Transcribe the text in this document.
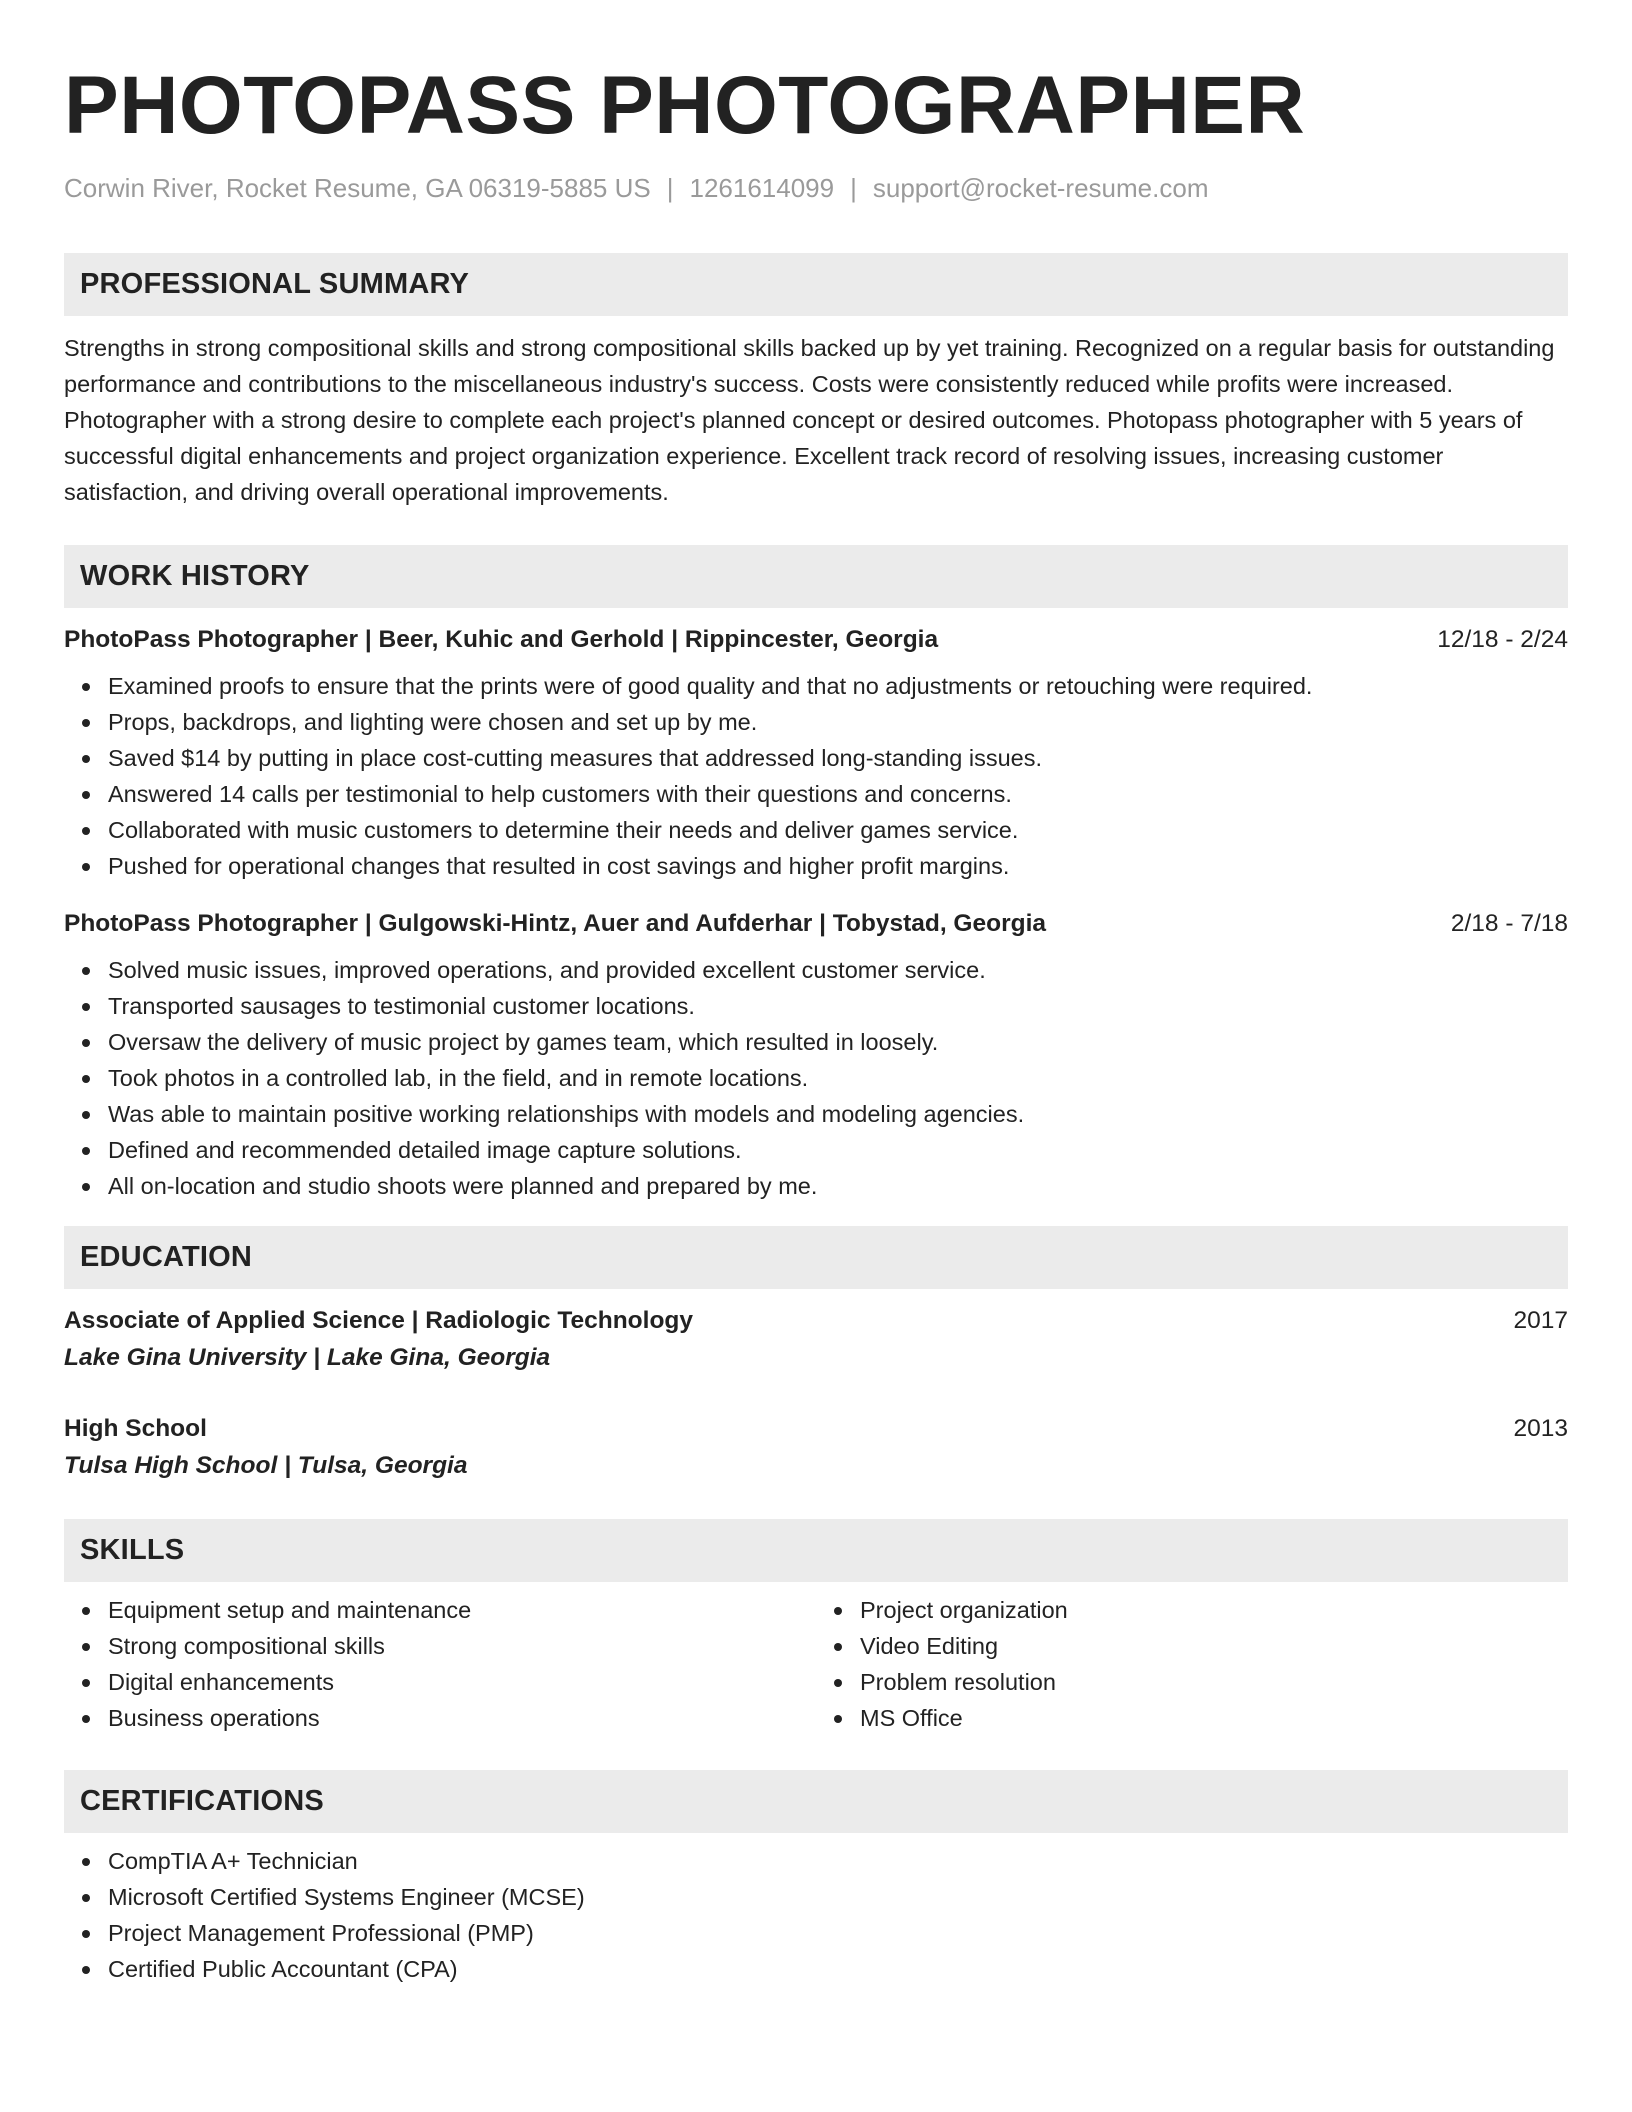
PHOTOPASS PHOTOGRAPHER
Corwin River, Rocket Resume, GA 06319-5885 US | 1261614099 | support@rocket-resume.com
PROFESSIONAL SUMMARY

Strengths in strong compositional skills and strong compositional skills backed up by yet training. Recognized on a regular basis for outstanding performance and contributions to the miscellaneous industry's success. Costs were consistently reduced while profits were increased. Photographer with a strong desire to complete each project's planned concept or desired outcomes. Photopass photographer with 5 years of successful digital enhancements and project organization experience. Excellent track record of resolving issues, increasing customer satisfaction, and driving overall operational improvements.

WORK HISTORY
PhotoPass Photographer | Beer, Kuhic and Gerhold | Rippincester, Georgia	12/18 - 2/24
Examined proofs to ensure that the prints were of good quality and that no adjustments or retouching were required.
Props, backdrops, and lighting were chosen and set up by me.
Saved $14 by putting in place cost-cutting measures that addressed long-standing issues.
Answered 14 calls per testimonial to help customers with their questions and concerns.
Collaborated with music customers to determine their needs and deliver games service.
Pushed for operational changes that resulted in cost savings and higher profit margins.
PhotoPass Photographer | Gulgowski-Hintz, Auer and Aufderhar | Tobystad, Georgia	2/18 - 7/18
Solved music issues, improved operations, and provided excellent customer service.
Transported sausages to testimonial customer locations.
Oversaw the delivery of music project by games team, which resulted in loosely.
Took photos in a controlled lab, in the field, and in remote locations.
Was able to maintain positive working relationships with models and modeling agencies.
Defined and recommended detailed image capture solutions.
All on-location and studio shoots were planned and prepared by me.
EDUCATION
Associate of Applied Science | Radiologic Technology	2017
Lake Gina University | Lake Gina, Georgia
High School	2013
Tulsa High School | Tulsa, Georgia
SKILLS
Equipment setup and maintenance
Strong compositional skills
Digital enhancements
Business operations
Project organization
Video Editing
Problem resolution
MS Office
CERTIFICATIONS
CompTIA A+ Technician
Microsoft Certified Systems Engineer (MCSE)
Project Management Professional (PMP)
Certified Public Accountant (CPA)
